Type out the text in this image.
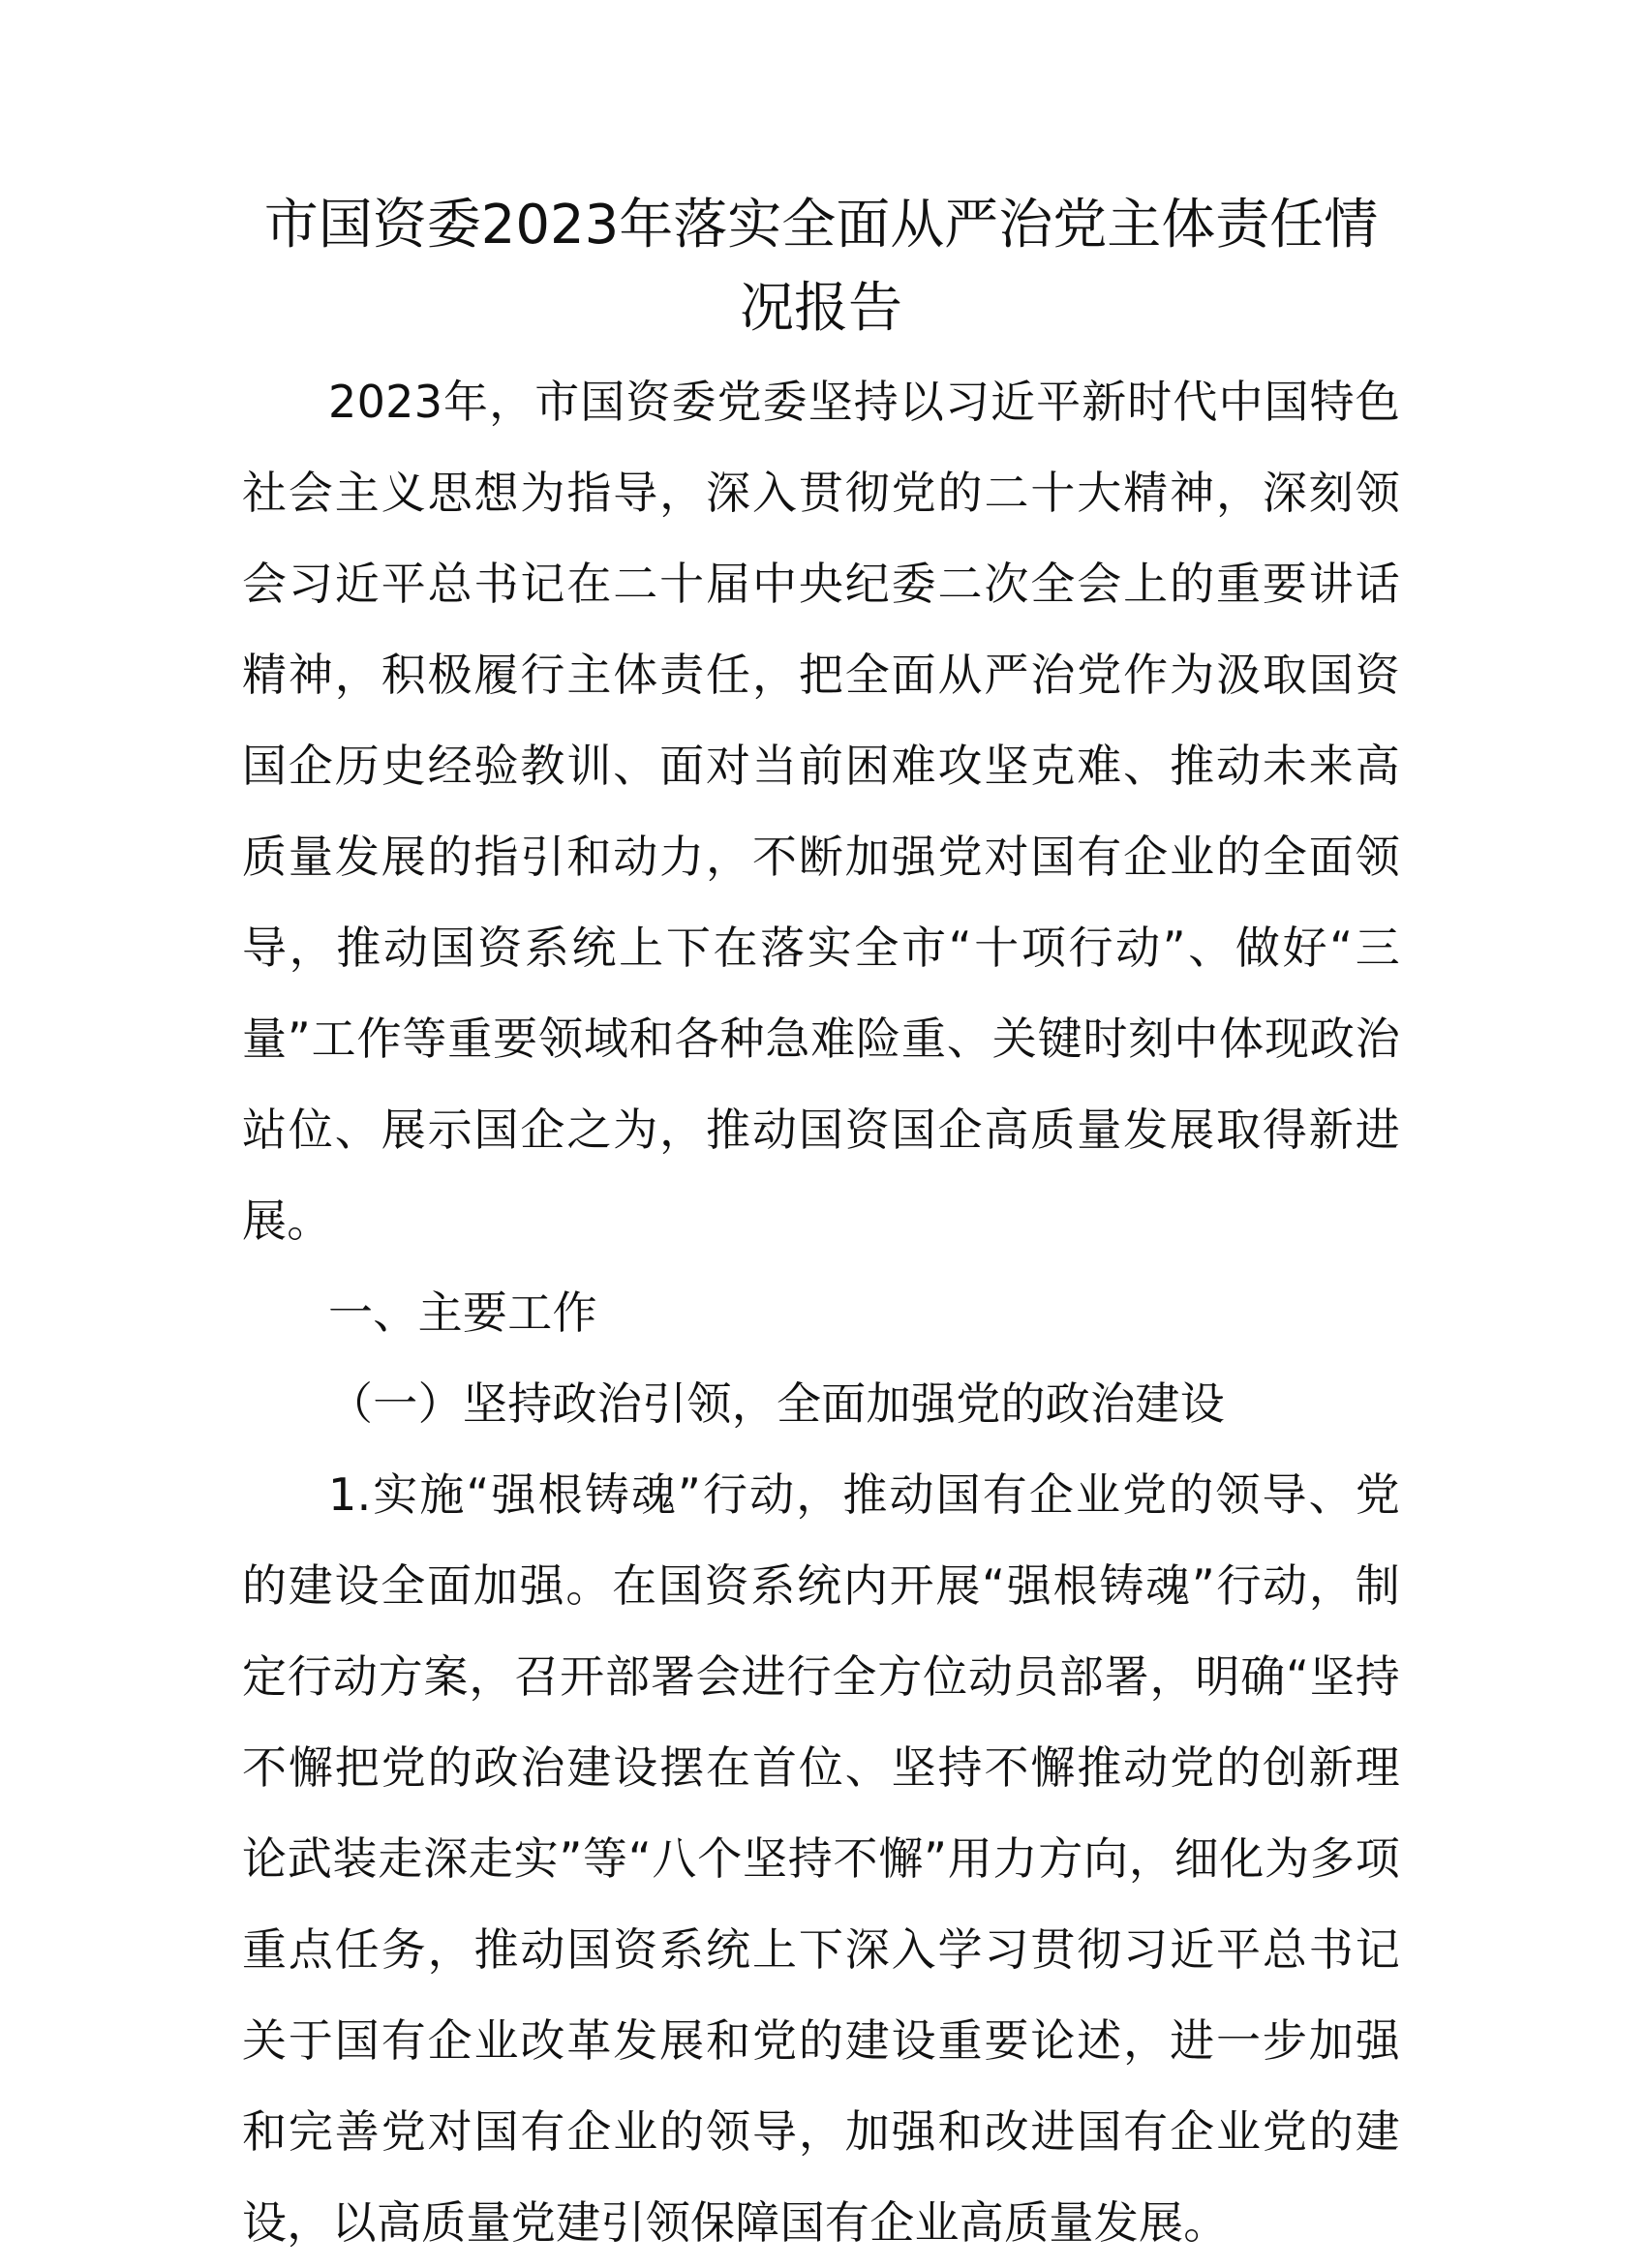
市国资委2023年落实全面从严治党主体责任情况报告

2023年，市国资委党委坚持以习近平新时代中国特色社会主义思想为指导，深入贯彻党的二十大精神，深刻领会习近平总书记在二十届中央纪委二次全会上的重要讲话精神，积极履行主体责任，把全面从严治党作为汲取国资国企历史经验教训、面对当前困难攻坚克难、推动未来高质量发展的指引和动力，不断加强党对国有企业的全面领导，推动国资系统上下在落实全市“十项行动”、做好“三量”工作等重要领域和各种急难险重、关键时刻中体现政治站位、展示国企之为，推动国资国企高质量发展取得新进展。

一、主要工作

（一）坚持政治引领，全面加强党的政治建设

1.实施“强根铸魂”行动，推动国有企业党的领导、党的建设全面加强。在国资系统内开展“强根铸魂”行动，制定行动方案，召开部署会进行全方位动员部署，明确“坚持不懈把党的政治建设摆在首位、坚持不懈推动党的创新理论武装走深走实”等“八个坚持不懈”用力方向，细化为多项重点任务，推动国资系统上下深入学习贯彻习近平总书记关于国有企业改革发展和党的建设重要论述，进一步加强和完善党对国有企业的领导，加强和改进国有企业党的建设，以高质量党建引领保障国有企业高质量发展。
